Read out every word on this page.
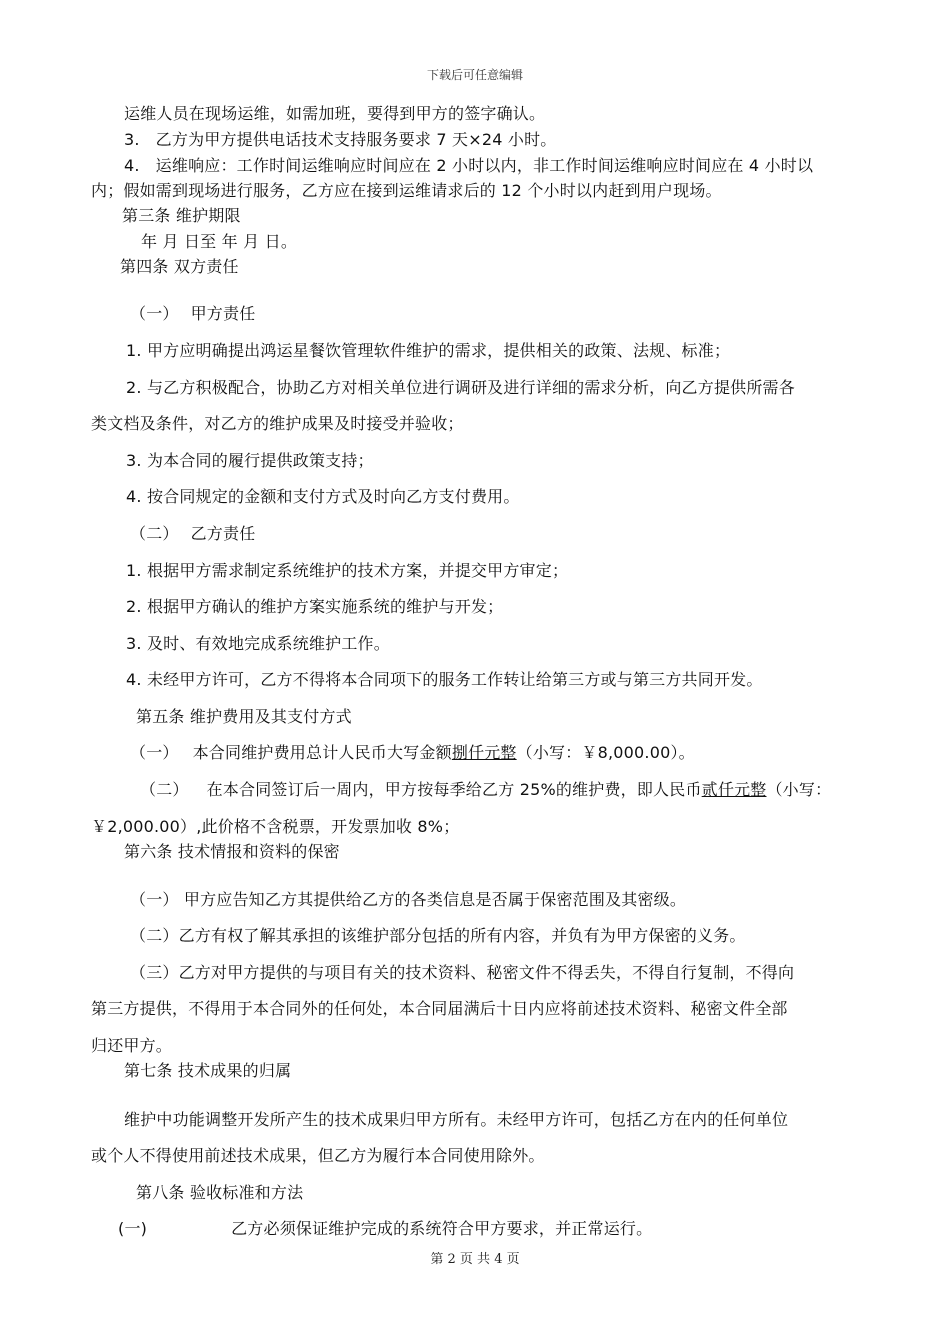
下载后可任意编辑
运维人员在现场运维，如需加班，要得到甲方的签字确认。
3. 乙方为甲方提供电话技术支持服务要求 7 天×24 小时。
4. 运维响应：工作时间运维响应时间应在 2 小时以内，非工作时间运维响应时间应在 4 小时以
内；假如需到现场进行服务，乙方应在接到运维请求后的 12 个小时以内赶到用户现场。
第三条 维护期限
年 月 日至 年 月 日。
第四条 双方责任
（一） 甲方责任
1. 甲方应明确提出鸿运星餐饮管理软件维护的需求，提供相关的政策、法规、标准；
2. 与乙方积极配合，协助乙方对相关单位进行调研及进行详细的需求分析，向乙方提供所需各
类文档及条件，对乙方的维护成果及时接受并验收；
3. 为本合同的履行提供政策支持；
4. 按合同规定的金额和支付方式及时向乙方支付费用。
（二） 乙方责任
1. 根据甲方需求制定系统维护的技术方案，并提交甲方审定；
2. 根据甲方确认的维护方案实施系统的维护与开发；
3. 及时、有效地完成系统维护工作。
4. 未经甲方许可，乙方不得将本合同项下的服务工作转让给第三方或与第三方共同开发。
第五条 维护费用及其支付方式
（一） 本合同维护费用总计人民币大写金额捌仟元整（小写：￥8,000.00）。
（二） 在本合同签订后一周内，甲方按每季给乙方 25%的维护费，即人民币贰仟元整（小写：
￥2,000.00）,此价格不含税票，开发票加收 8%；
第六条 技术情报和资料的保密
（一） 甲方应告知乙方其提供给乙方的各类信息是否属于保密范围及其密级。
（二）乙方有权了解其承担的该维护部分包括的所有内容，并负有为甲方保密的义务。
（三）乙方对甲方提供的与项目有关的技术资料、秘密文件不得丢失，不得自行复制，不得向
第三方提供，不得用于本合同外的任何处，本合同届满后十日内应将前述技术资料、秘密文件全部
归还甲方。
第七条 技术成果的归属
维护中功能调整开发所产生的技术成果归甲方所有。未经甲方许可，包括乙方在内的任何单位
或个人不得使用前述技术成果，但乙方为履行本合同使用除外。
第八条 验收标准和方法
(一)	乙方必须保证维护完成的系统符合甲方要求，并正常运行。
第 2 页 共 4 页
